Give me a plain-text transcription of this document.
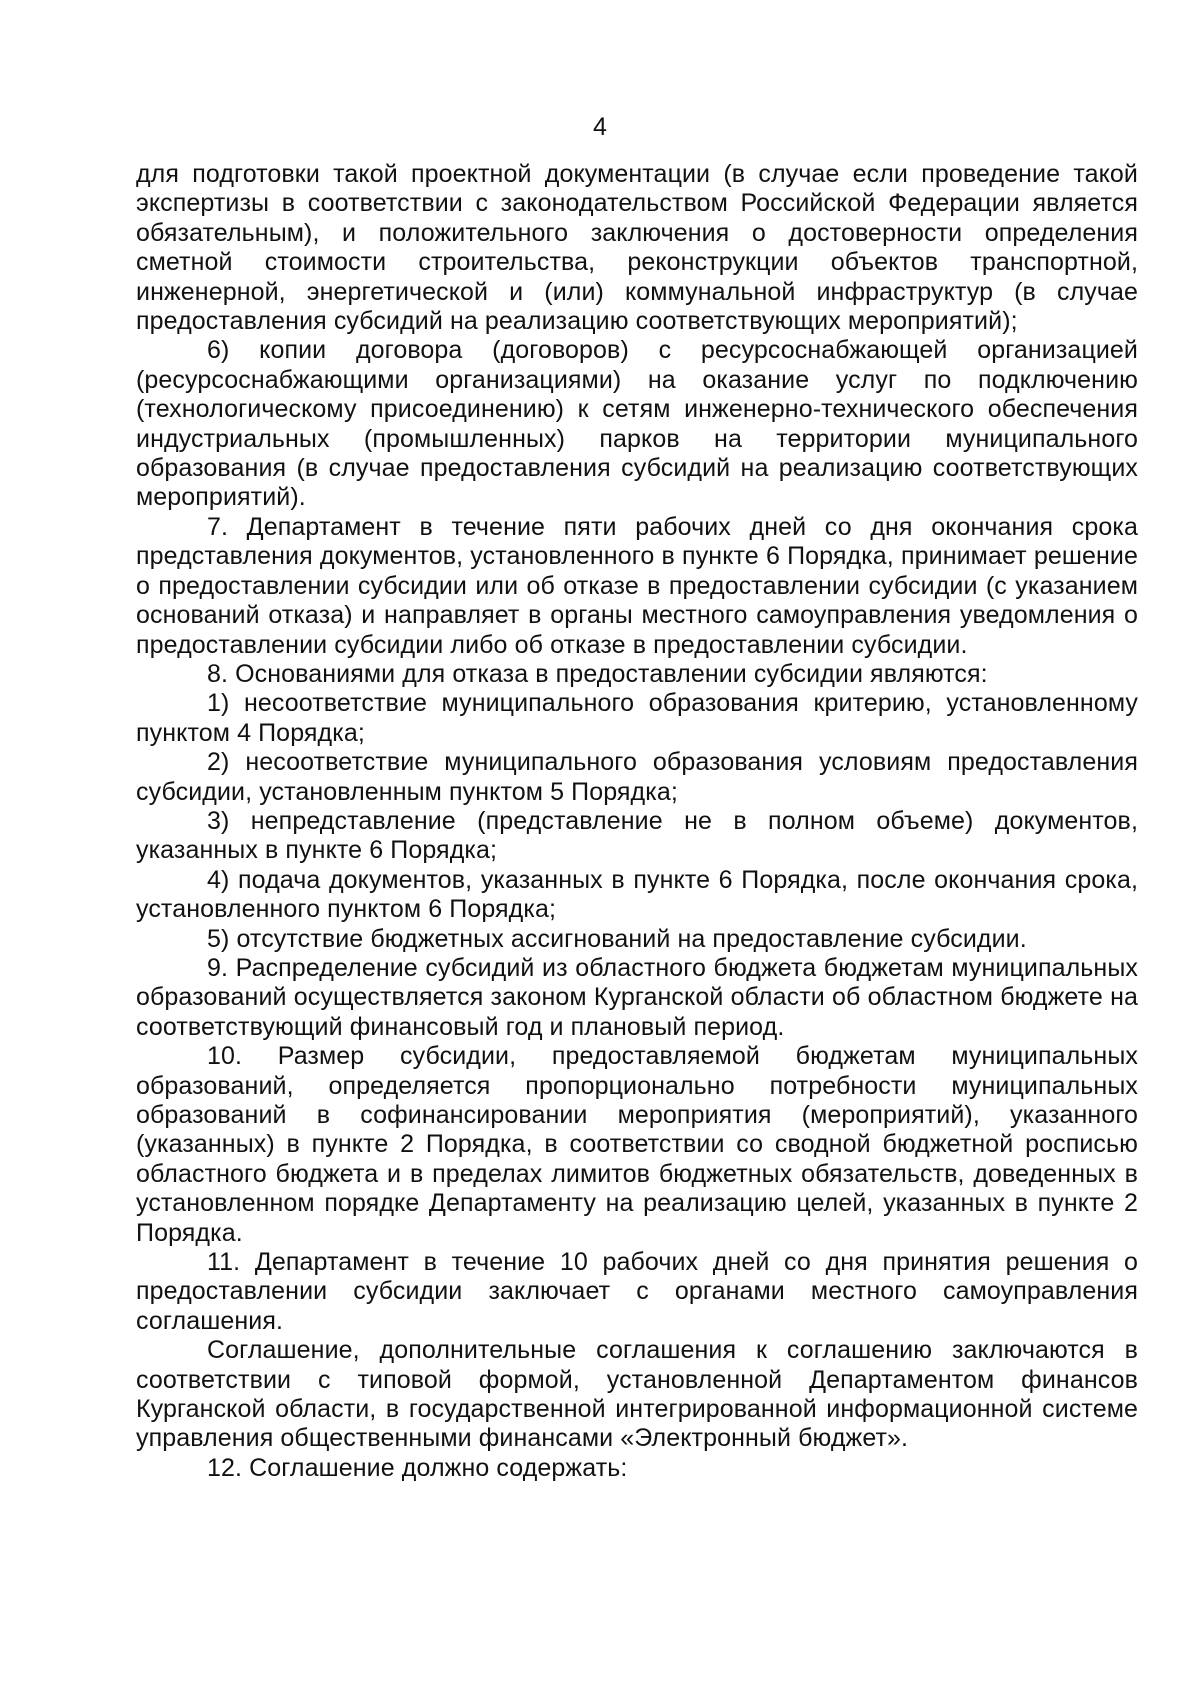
4

для подготовки такой проектной документации (в случае если проведение такой экспертизы в соответствии с законодательством Российской Федерации является обязательным), и положительного заключения о достоверности определения сметной стоимости строительства, реконструкции объектов транспортной, инженерной, энергетической и (или) коммунальной инфраструктур (в случае предоставления субсидий на реализацию соответствующих мероприятий);

6) копии договора (договоров) с ресурсоснабжающей организацией (ресурсоснабжающими организациями) на оказание услуг по подключению (технологическому присоединению) к сетям инженерно-технического обеспечения индустриальных (промышленных) парков на территории муниципального образования (в случае предоставления субсидий на реализацию соответствующих мероприятий).

7. Департамент в течение пяти рабочих дней со дня окончания срока представления документов, установленного в пункте 6 Порядка, принимает решение о предоставлении субсидии или об отказе в предоставлении субсидии (с указанием оснований отказа) и направляет в органы местного самоуправления уведомления о предоставлении субсидии либо об отказе в предоставлении субсидии.

8. Основаниями для отказа в предоставлении субсидии являются:

1) несоответствие муниципального образования критерию, установленному пунктом 4 Порядка;

2) несоответствие муниципального образования условиям предоставления субсидии, установленным пунктом 5 Порядка;

3) непредставление (представление не в полном объеме) документов, указанных в пункте 6 Порядка;

4) подача документов, указанных в пункте 6 Порядка, после окончания срока, установленного пунктом 6 Порядка;

5) отсутствие бюджетных ассигнований на предоставление субсидии.

9. Распределение субсидий из областного бюджета бюджетам муниципальных образований осуществляется законом Курганской области об областном бюджете на соответствующий финансовый год и плановый период.

10. Размер субсидии, предоставляемой бюджетам муниципальных образований, определяется пропорционально потребности муниципальных образований в софинансировании мероприятия (мероприятий), указанного (указанных) в пункте 2 Порядка, в соответствии со сводной бюджетной росписью областного бюджета и в пределах лимитов бюджетных обязательств, доведенных в установленном порядке Департаменту на реализацию целей, указанных в пункте 2 Порядка.

11. Департамент в течение 10 рабочих дней со дня принятия решения о предоставлении субсидии заключает с органами местного самоуправления соглашения.

Соглашение, дополнительные соглашения к соглашению заключаются в соответствии с типовой формой, установленной Департаментом финансов Курганской области, в государственной интегрированной информационной системе управления общественными финансами «Электронный бюджет».

12. Соглашение должно содержать:
